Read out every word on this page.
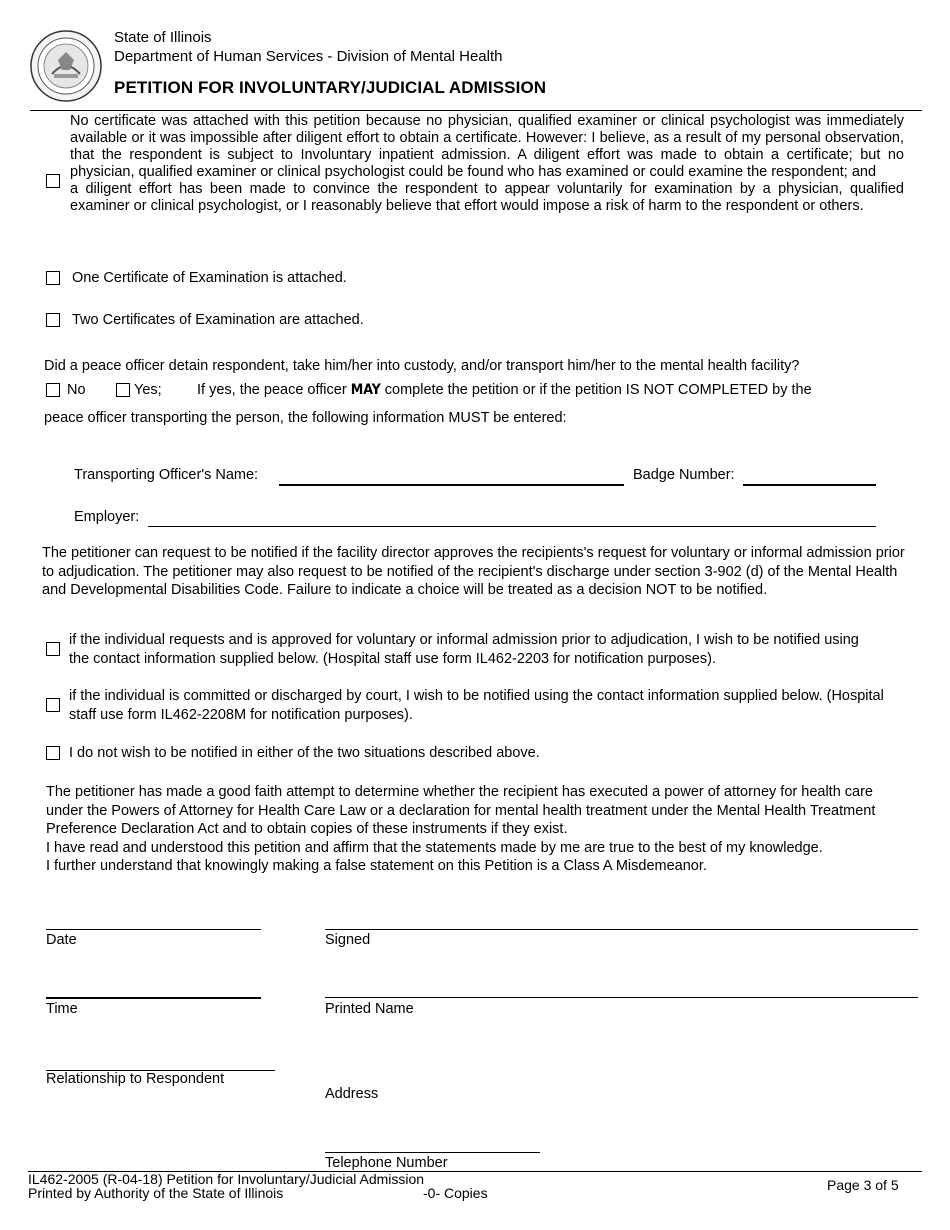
State of Illinois
Department of Human Services - Division of Mental Health
PETITION FOR INVOLUNTARY/JUDICIAL ADMISSION
No certificate was attached with this petition because no physician, qualified examiner or clinical psychologist was immediately available or it was impossible after diligent effort to obtain a certificate. However: I believe, as a result of my personal observation, that the respondent is subject to Involuntary inpatient admission. A diligent effort was made to obtain a certificate; but no physician, qualified examiner or clinical psychologist could be found who has examined or could examine the respondent; and
a diligent effort has been made to convince the respondent to appear voluntarily for examination by a physician, qualified examiner or clinical psychologist, or I reasonably believe that effort would impose a risk of harm to the respondent or others.
One Certificate of Examination is attached.
Two Certificates of Examination are attached.
Did a peace officer detain respondent, take him/her into custody, and/or transport him/her to the mental health facility?
No	Yes; If yes, the peace officer MAY complete the petition or if the petition IS NOT COMPLETED by the
peace officer transporting the person, the following information MUST be entered:
Transporting Officer's Name:	Badge Number:
Employer:
The petitioner can request to be notified if the facility director approves the recipients's request for voluntary or informal admission prior to adjudication. The petitioner may also request to be notified of the recipient's discharge under section 3-902 (d) of the Mental Health and Developmental Disabilities Code. Failure to indicate a choice will be treated as a decision NOT to be notified.
if the individual requests and is approved for voluntary or informal admission prior to adjudication, I wish to be notified using the contact information supplied below. (Hospital staff use form IL462-2203 for notification purposes).
if the individual is committed or discharged by court, I wish to be notified using the contact information supplied below. (Hospital staff use form IL462-2208M for notification purposes).
I do not wish to be notified in either of the two situations described above.
The petitioner has made a good faith attempt to determine whether the recipient has executed a power of attorney for health care under the Powers of Attorney for Health Care Law or a declaration for mental health treatment under the Mental Health Treatment Preference Declaration Act and to obtain copies of these instruments if they exist.
I have read and understood this petition and affirm that the statements made by me are true to the best of my knowledge.
I further understand that knowingly making a false statement on this Petition is a Class A Misdemeanor.
Date	Signed
Time	Printed Name
Relationship to Respondent
Address
Telephone Number
IL462-2005 (R-04-18) Petition for Involuntary/Judicial Admission
Printed by Authority of the State of Illinois	-0- Copies	Page 3 of 5
